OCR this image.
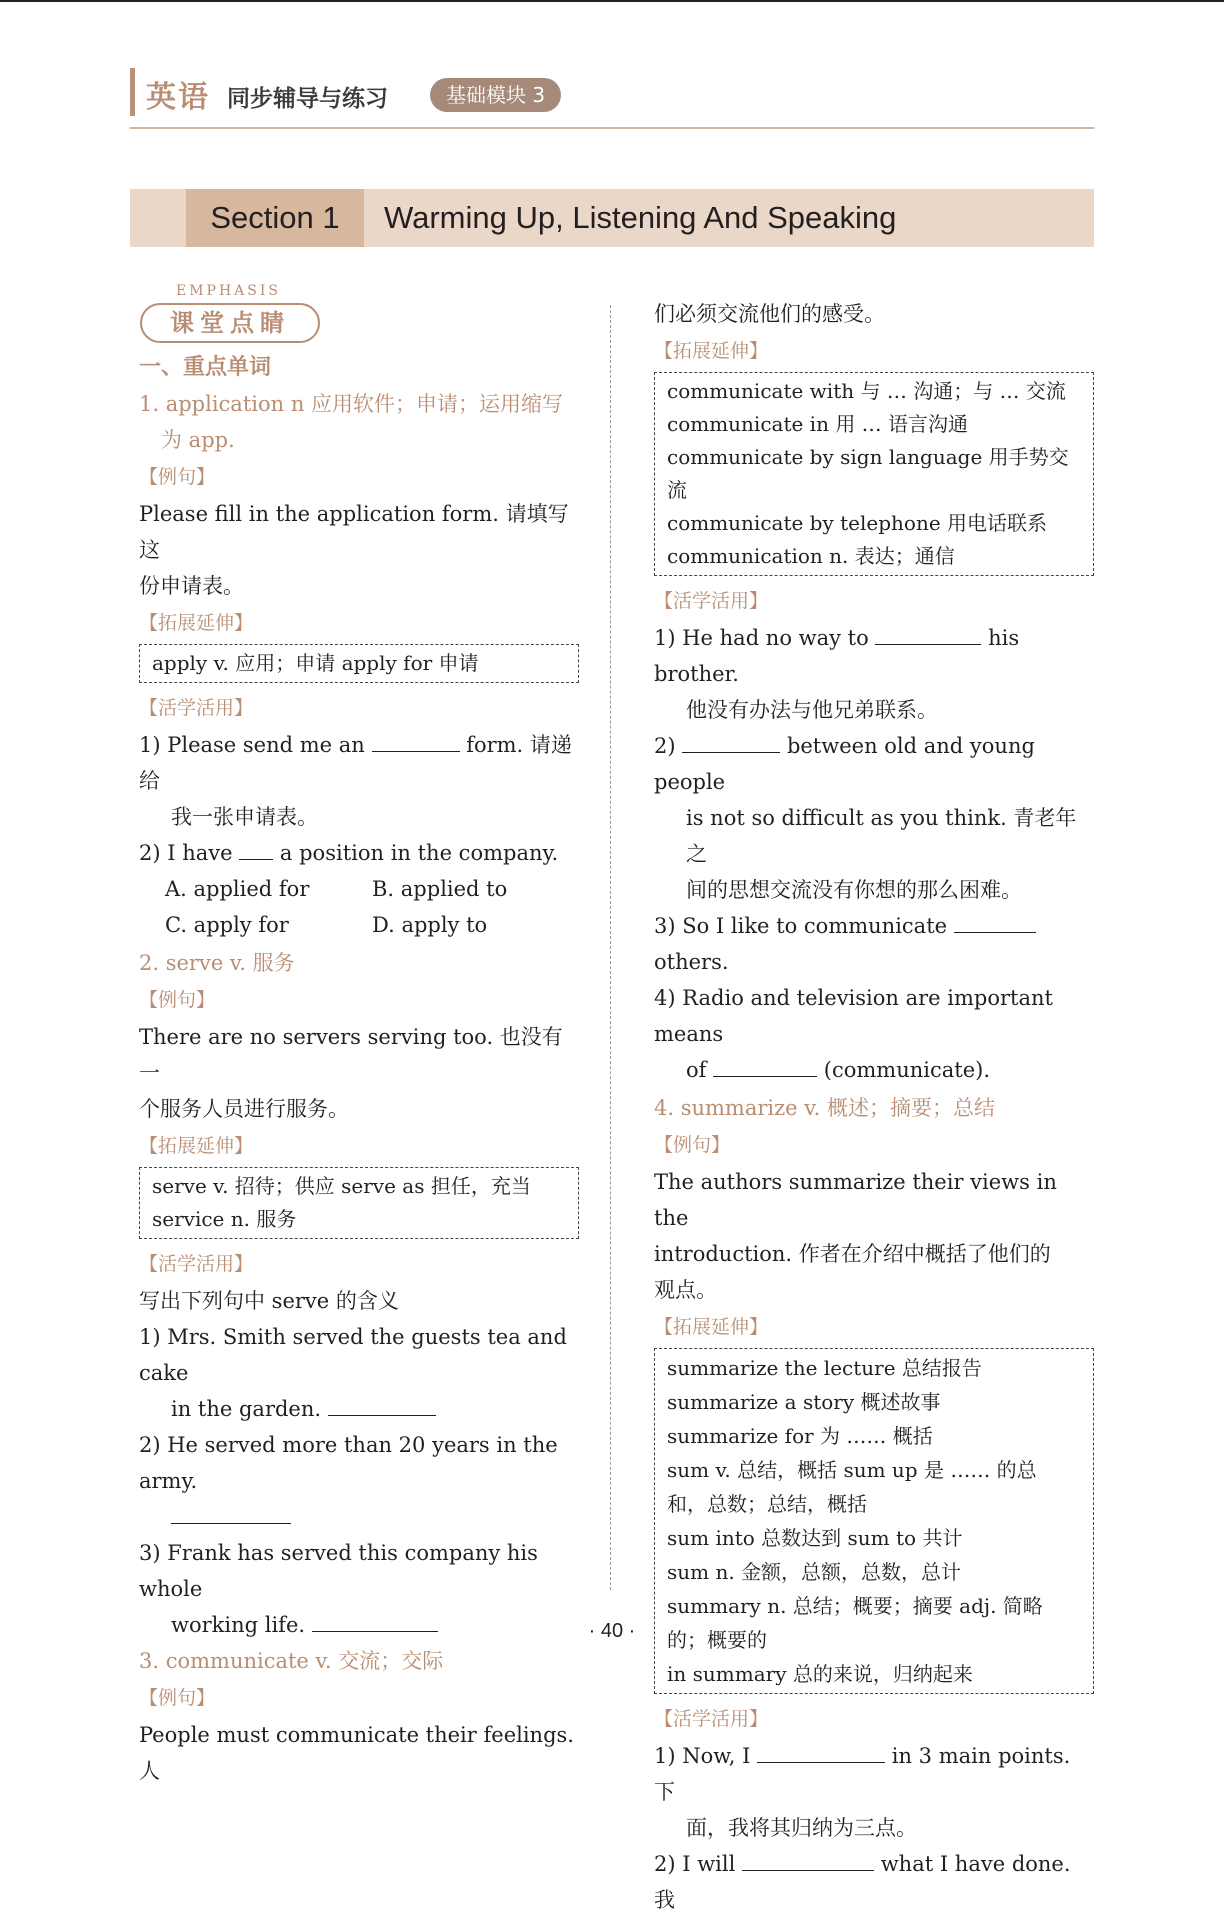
英语 同步辅导与练习	基础模块 3
Section 1	Warming Up, Listening And Speaking
EMPHASIS
课堂点睛

一、重点单词

1. application n 应用软件；申请；运用缩写

为 app.

【例句】

Please fill in the application form. 请填写这

份申请表。

【拓展延伸】

apply v. 应用；申请 apply for 申请

【活学活用】

1) Please send me an	form. 请递给

我一张申请表。

2) I have a position in the company.

A. applied for	B. applied to

C. apply for	D. apply to

2. serve v. 服务

【例句】

There are no servers serving too. 也没有一

个服务人员进行服务。

【拓展延伸】

serve v. 招待；供应 serve as 担任，充当
service n. 服务

【活学活用】

写出下列句中 serve 的含义

1) Mrs. Smith served the guests tea and cake

in the garden.

2) He served more than 20 years in the army.

3) Frank has served this company his whole

working life.

3. communicate v. 交流；交际

【例句】

People must communicate their feelings. 人

们必须交流他们的感受。

【拓展延伸】

communicate with 与 … 沟通；与 … 交流
communicate in 用 … 语言沟通
communicate by sign language 用手势交流
communicate by telephone 用电话联系
communication n. 表达；通信

【活学活用】

1) He had no way to	his brother.

他没有办法与他兄弟联系。

2)	between old and young people

is not so difficult as you think. 青老年之

间的思想交流没有你想的那么困难。

3) So I like to communicate  others.

4) Radio and television are important means

of	(communicate).

4. summarize v. 概述；摘要；总结

【例句】

The authors summarize their views in the

introduction. 作者在介绍中概括了他们的

观点。

【拓展延伸】

summarize the lecture 总结报告
summarize a story 概述故事
summarize for 为 …… 概括
sum v. 总结，概括 sum up 是 …… 的总
和，总数；总结，概括
sum into 总数达到 sum to 共计
sum n. 金额，总额，总数，总计
summary n. 总结；概要；摘要 adj. 简略
的；概要的
in summary 总的来说，归纳起来

【活学活用】

1) Now, I	in 3 main points. 下

面，我将其归纳为三点。

2) I will	what I have done. 我

· 40 ·
